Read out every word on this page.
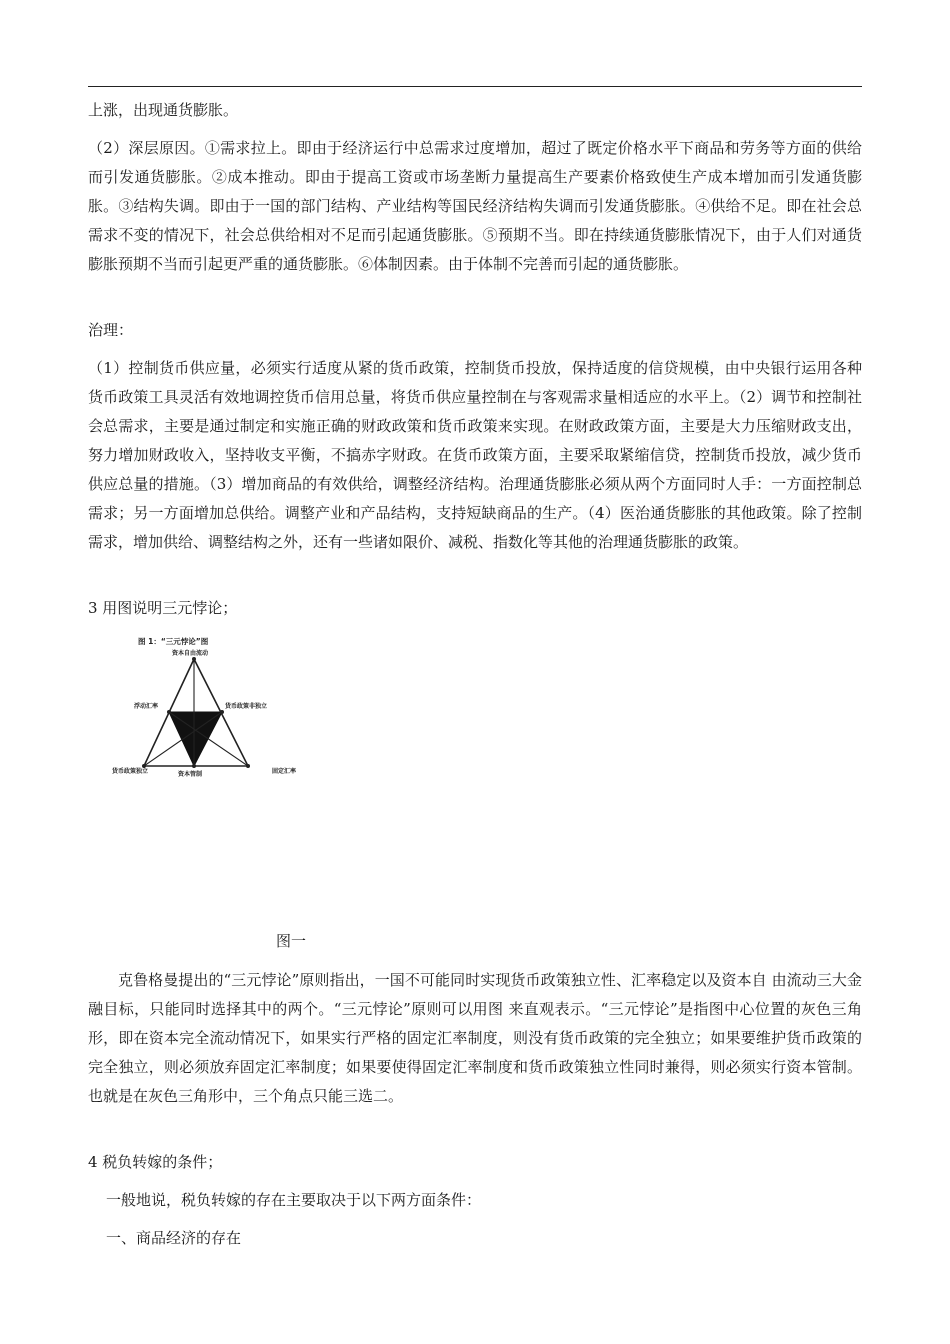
上涨，出现通货膨胀。
（2）深层原因。①需求拉上。即由于经济运行中总需求过度增加，超过了既定价格水平下商品和劳务等方面的供给而引发通货膨胀。②成本推动。即由于提高工资或市场垄断力量提高生产要素价格致使生产成本增加而引发通货膨胀。③结构失调。即由于一国的部门结构、产业结构等国民经济结构失调而引发通货膨胀。④供给不足。即在社会总需求不变的情况下，社会总供给相对不足而引起通货膨胀。⑤预期不当。即在持续通货膨胀情况下，由于人们对通货膨胀预期不当而引起更严重的通货膨胀。⑥体制因素。由于体制不完善而引起的通货膨胀。
治理：
（1）控制货币供应量，必须实行适度从紧的货币政策，控制货币投放，保持适度的信贷规模，由中央银行运用各种货币政策工具灵活有效地调控货币信用总量，将货币供应量控制在与客观需求量相适应的水平上。（2）调节和控制社会总需求，主要是通过制定和实施正确的财政政策和货币政策来实现。在财政政策方面，主要是大力压缩财政支出，努力增加财政收入，坚持收支平衡，不搞赤字财政。在货币政策方面，主要采取紧缩信贷，控制货币投放，减少货币供应总量的措施。（3）增加商品的有效供给，调整经济结构。治理通货膨胀必须从两个方面同时人手：一方面控制总需求；另一方面增加总供给。调整产业和产品结构，支持短缺商品的生产。（4）医治通货膨胀的其他政策。除了控制需求，增加供给、调整结构之外，还有一些诸如限价、减税、指数化等其他的治理通货膨胀的政策。
3 用图说明三元悖论；
图 1：“三元悖论”图
资本自由流动
浮动汇率	货币政策非独立
货币政策独立	资本管制	固定汇率
图一
克鲁格曼提出的“三元悖论”原则指出，一国不可能同时实现货币政策独立性、汇率稳定以及资本自 由流动三大金融目标，只能同时选择其中的两个。“三元悖论”原则可以用图 来直观表示。“三元悖论”是指图中心位置的灰色三角形，即在资本完全流动情况下，如果实行严格的固定汇率制度，则没有货币政策的完全独立；如果要维护货币政策的完全独立，则必须放弃固定汇率制度；如果要使得固定汇率制度和货币政策独立性同时兼得，则必须实行资本管制。也就是在灰色三角形中，三个角点只能三选二。
4 税负转嫁的条件；
一般地说，税负转嫁的存在主要取决于以下两方面条件：
一、商品经济的存在
